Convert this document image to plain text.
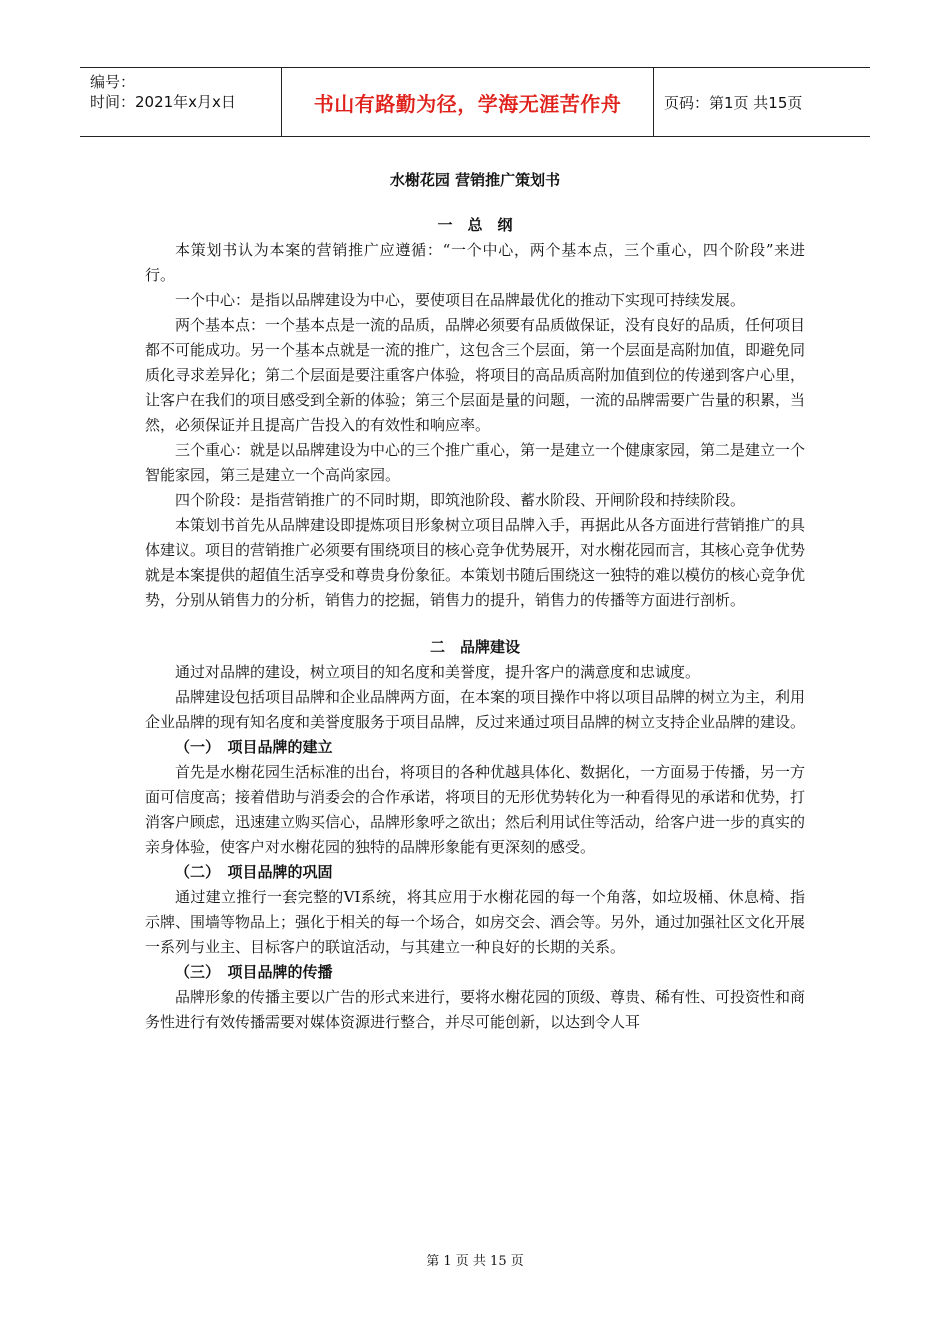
编号：
时间：2021年x月x日	书山有路勤为径，学海无涯苦作舟	页码：第1页 共15页
水榭花园 营销推广策划书
一　总　纲

本策划书认为本案的营销推广应遵循：“一个中心，两个基本点，三个重心，四个阶段”来进行。

一个中心：是指以品牌建设为中心，要使项目在品牌最优化的推动下实现可持续发展。

两个基本点：一个基本点是一流的品质，品牌必须要有品质做保证，没有良好的品质，任何项目都不可能成功。另一个基本点就是一流的推广，这包含三个层面，第一个层面是高附加值，即避免同质化寻求差异化；第二个层面是要注重客户体验，将项目的高品质高附加值到位的传递到客户心里，让客户在我们的项目感受到全新的体验；第三个层面是量的问题，一流的品牌需要广告量的积累，当然，必须保证并且提高广告投入的有效性和响应率。

三个重心：就是以品牌建设为中心的三个推广重心，第一是建立一个健康家园，第二是建立一个智能家园，第三是建立一个高尚家园。

四个阶段：是指营销推广的不同时期，即筑池阶段、蓄水阶段、开闸阶段和持续阶段。

本策划书首先从品牌建设即提炼项目形象树立项目品牌入手，再据此从各方面进行营销推广的具体建议。项目的营销推广必须要有围绕项目的核心竞争优势展开，对水榭花园而言，其核心竞争优势就是本案提供的超值生活享受和尊贵身份象征。本策划书随后围绕这一独特的难以模仿的核心竞争优势，分别从销售力的分析，销售力的挖掘，销售力的提升，销售力的传播等方面进行剖析。

二　品牌建设

通过对品牌的建设，树立项目的知名度和美誉度，提升客户的满意度和忠诚度。

品牌建设包括项目品牌和企业品牌两方面，在本案的项目操作中将以项目品牌的树立为主，利用企业品牌的现有知名度和美誉度服务于项目品牌，反过来通过项目品牌的树立支持企业品牌的建设。

（一）　项目品牌的建立

首先是水榭花园生活标准的出台，将项目的各种优越具体化、数据化，一方面易于传播，另一方面可信度高；接着借助与消委会的合作承诺，将项目的无形优势转化为一种看得见的承诺和优势，打消客户顾虑，迅速建立购买信心，品牌形象呼之欲出；然后利用试住等活动，给客户进一步的真实的亲身体验，使客户对水榭花园的独特的品牌形象能有更深刻的感受。

（二）　项目品牌的巩固

通过建立推行一套完整的VI系统，将其应用于水榭花园的每一个角落，如垃圾桶、休息椅、指示牌、围墙等物品上；强化于相关的每一个场合，如房交会、酒会等。另外，通过加强社区文化开展一系列与业主、目标客户的联谊活动，与其建立一种良好的长期的关系。

（三）　项目品牌的传播

品牌形象的传播主要以广告的形式来进行，要将水榭花园的顶级、尊贵、稀有性、可投资性和商务性进行有效传播需要对媒体资源进行整合，并尽可能创新，以达到令人耳

第 1 页 共 15 页
